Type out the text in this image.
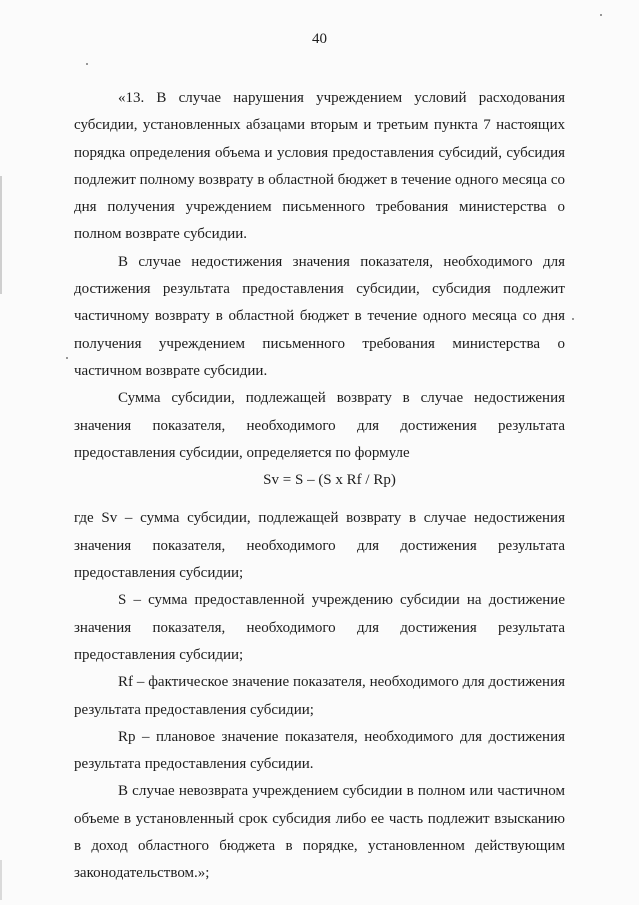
40

«13. В случае нарушения учреждением условий расходования субсидии, установленных абзацами вторым и третьим пункта 7 настоящих порядка определения объема и условия предоставления субсидий, субсидия подлежит полному возврату в областной бюджет в течение одного месяца со дня получения учреждением письменного требования министерства о полном возврате субсидии.

В случае недостижения значения показателя, необходимого для достижения результата предоставления субсидии, субсидия подлежит частичному возврату в областной бюджет в течение одного месяца со дня получения учреждением письменного требования министерства о частичном возврате субсидии.

Сумма субсидии, подлежащей возврату в случае недостижения значения показателя, необходимого для достижения результата предоставления субсидии, определяется по формуле

Sv = S – (S x Rf / Rp)

где Sv – сумма субсидии, подлежащей возврату в случае недостижения значения показателя, необходимого для достижения результата предоставления субсидии;

S – сумма предоставленной учреждению субсидии на достижение значения показателя, необходимого для достижения результата предоставления субсидии;

Rf – фактическое значение показателя, необходимого для достижения результата предоставления субсидии;

Rp – плановое значение показателя, необходимого для достижения результата предоставления субсидии.

В случае невозврата учреждением субсидии в полном или частичном объеме в установленный срок субсидия либо ее часть подлежит взысканию в доход областного бюджета в порядке, установленном действующим законодательством.»;
